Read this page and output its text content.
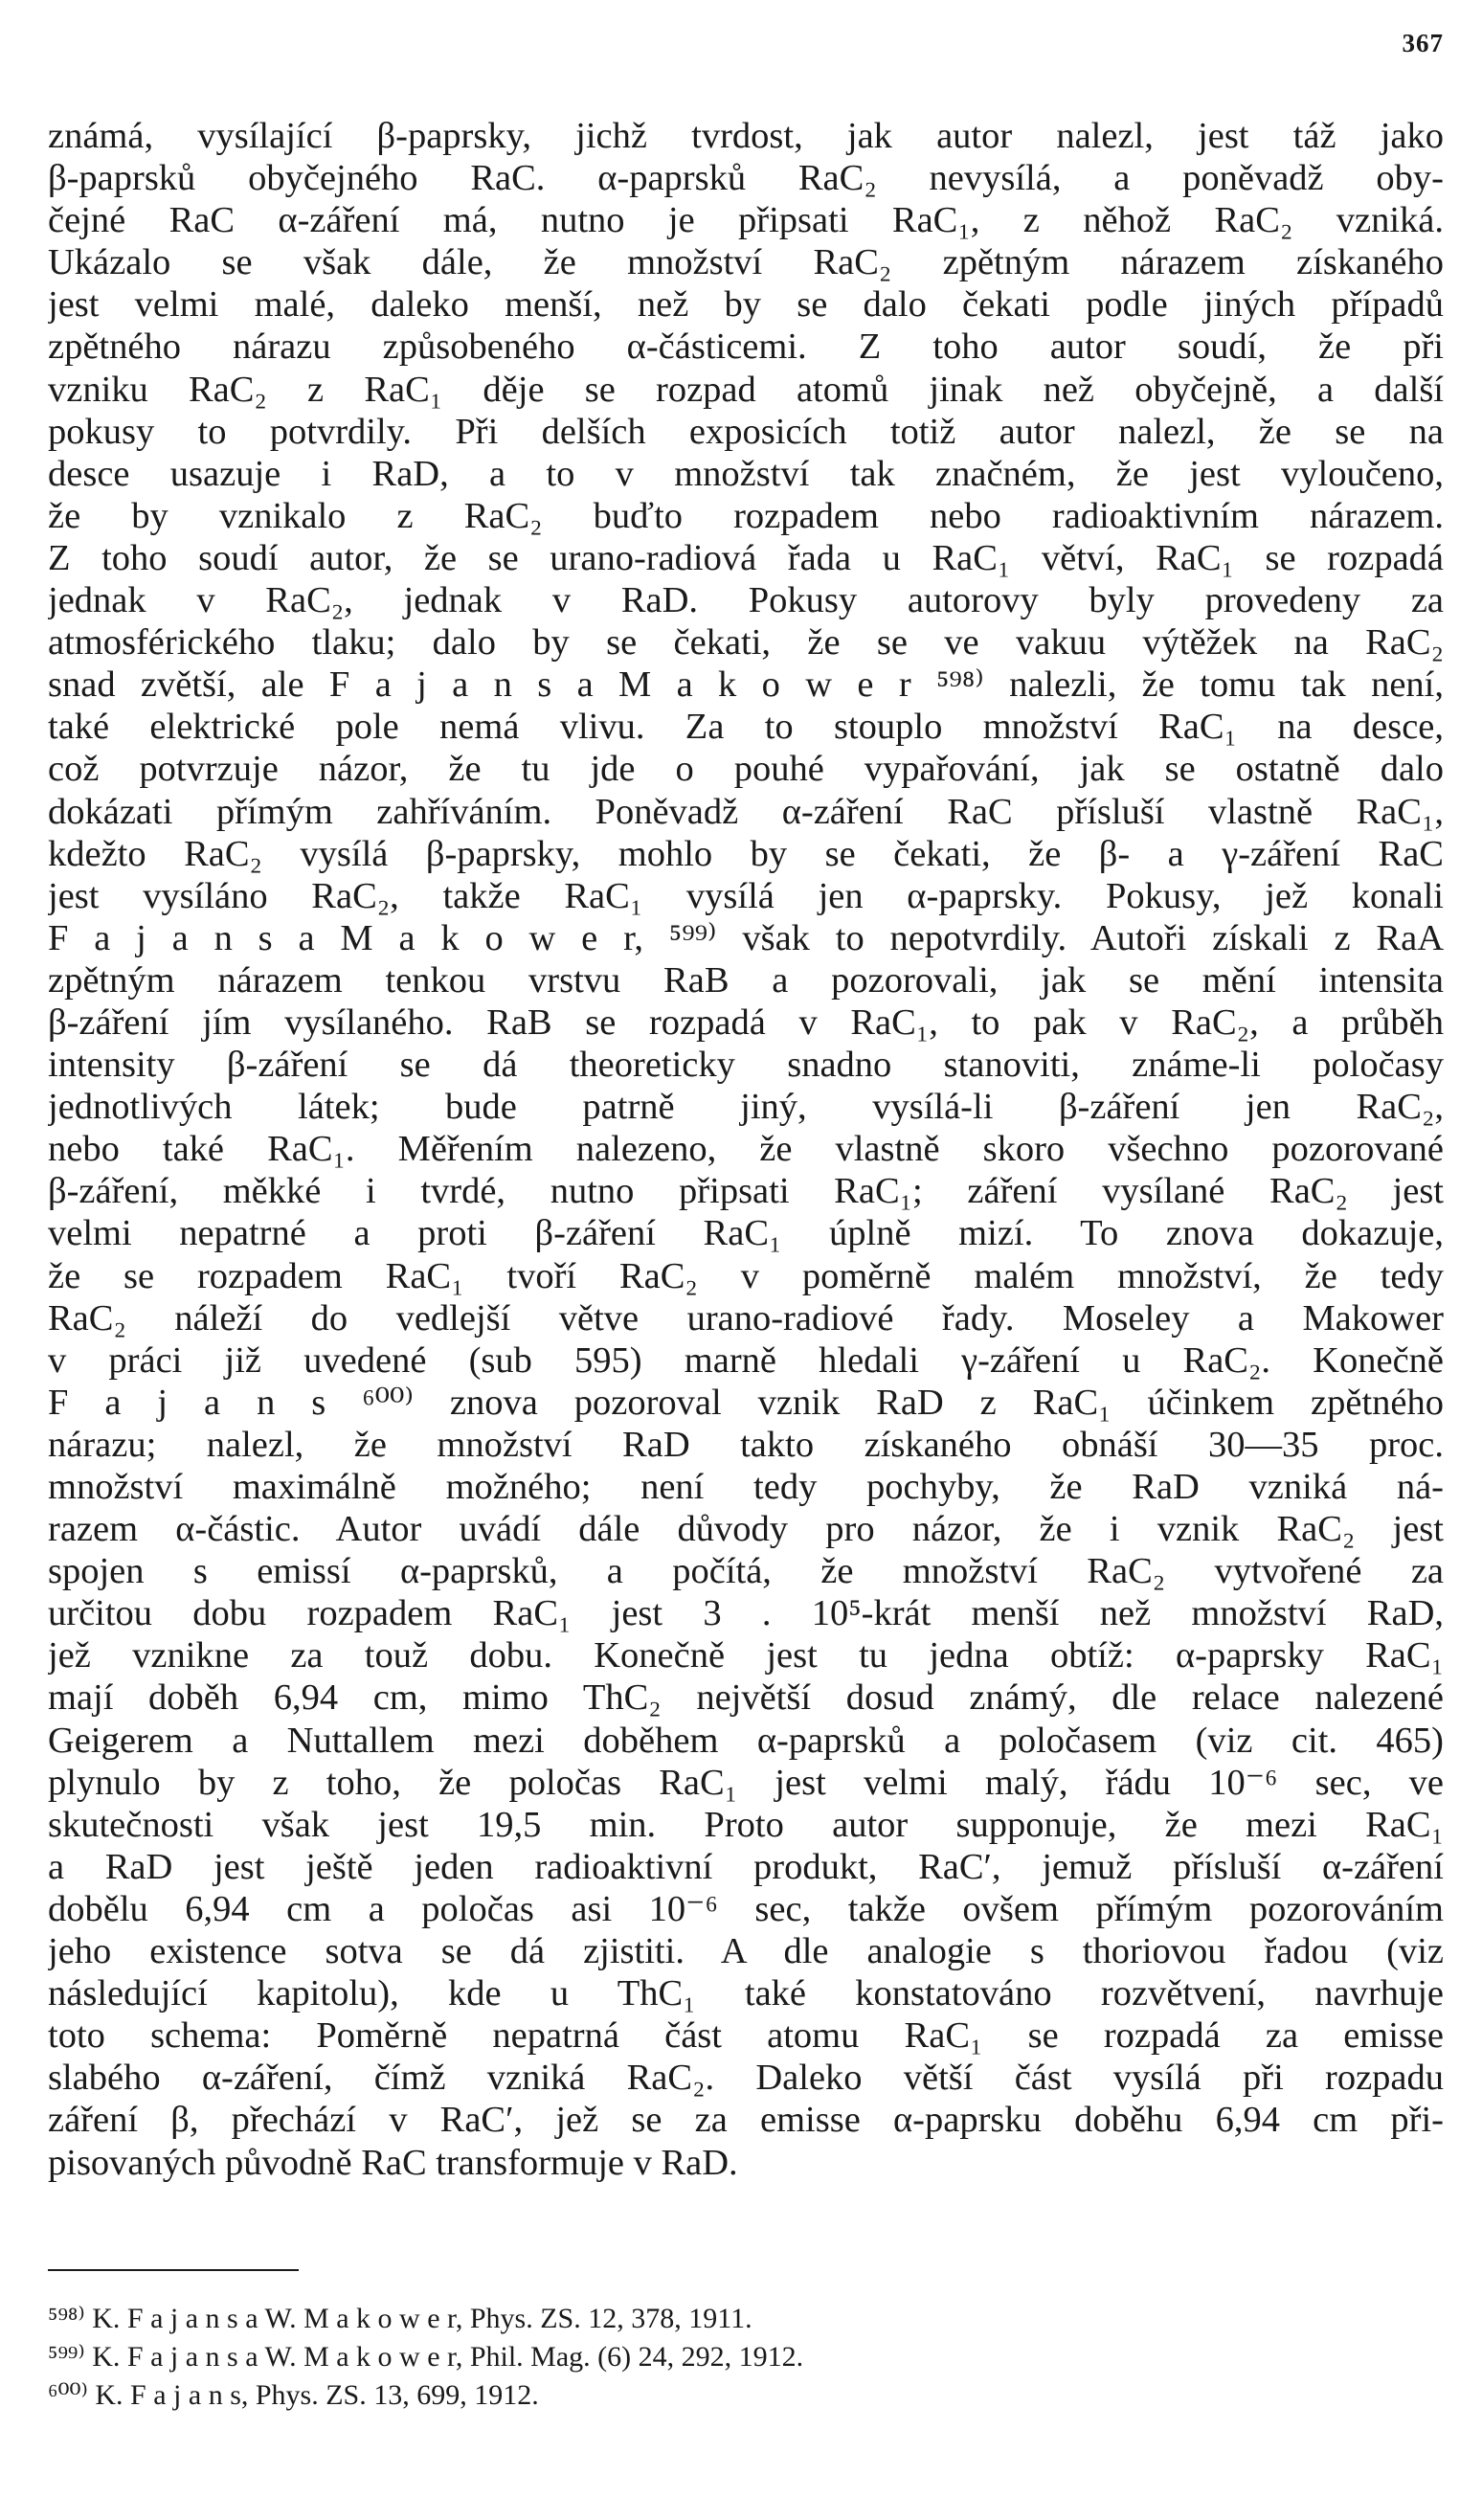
367
známá, vysílající β-paprsky, jichž tvrdost, jak autor nalezl, jest táž jako
β-paprsků obyčejného RaC. α-paprsků RaC₂ nevysílá, a poněvadž oby-
čejné RaC α-záření má, nutno je připsati RaC₁, z něhož RaC₂ vzniká.
Ukázalo se však dále, že množství RaC₂ zpětným nárazem získaného
jest velmi malé, daleko menší, než by se dalo čekati podle jiných případů
zpětného nárazu způsobeného α-částicemi. Z toho autor soudí, že při
vzniku RaC₂ z RaC₁ děje se rozpad atomů jinak než obyčejně, a další
pokusy to potvrdily. Při delších exposicích totiž autor nalezl, že se na
desce usazuje i RaD, a to v množství tak značném, že jest vyloučeno,
že by vznikalo z RaC₂ buďto rozpadem nebo radioaktivním nárazem.
Z toho soudí autor, že se urano-radiová řada u RaC₁ větví, RaC₁ se rozpadá
jednak v RaC₂, jednak v RaD. Pokusy autorovy byly provedeny za
atmosférického tlaku; dalo by se čekati, že se ve vakuu výtěžek na RaC₂
snad zvětší, ale F a j a n s a M a k o w e r ⁵⁹⁸⁾ nalezli, že tomu tak není,
také elektrické pole nemá vlivu. Za to stouplo množství RaC₁ na desce,
což potvrzuje názor, že tu jde o pouhé vypařování, jak se ostatně dalo
dokázati přímým zahříváním. Poněvadž α-záření RaC přísluší vlastně RaC₁,
kdežto RaC₂ vysílá β-paprsky, mohlo by se čekati, že β- a γ-záření RaC
jest vysíláno RaC₂, takže RaC₁ vysílá jen α-paprsky. Pokusy, jež konali
F a j a n s a M a k o w e r, ⁵⁹⁹⁾ však to nepotvrdily. Autoři získali z RaA
zpětným nárazem tenkou vrstvu RaB a pozorovali, jak se mění intensita
β-záření jím vysílaného. RaB se rozpadá v RaC₁, to pak v RaC₂, a průběh
intensity β-záření se dá theoreticky snadno stanoviti, známe-li poločasy
jednotlivých látek; bude patrně jiný, vysílá-li β-záření jen RaC₂,
nebo také RaC₁. Měřením nalezeno, že vlastně skoro všechno pozorované
β-záření, měkké i tvrdé, nutno připsati RaC₁; záření vysílané RaC₂ jest
velmi nepatrné a proti β-záření RaC₁ úplně mizí. To znova dokazuje,
že se rozpadem RaC₁ tvoří RaC₂ v poměrně malém množství, že tedy
RaC₂ náleží do vedlejší větve urano-radiové řady. Moseley a Makower
v práci již uvedené (sub 595) marně hledali γ-záření u RaC₂. Konečně
F a j a n s ⁶⁰⁰⁾ znova pozoroval vznik RaD z RaC₁ účinkem zpětného
nárazu; nalezl, že množství RaD takto získaného obnáší 30—35 proc.
množství maximálně možného; není tedy pochyby, že RaD vzniká ná-
razem α-částic. Autor uvádí dále důvody pro názor, že i vznik RaC₂ jest
spojen s emissí α-paprsků, a počítá, že množství RaC₂ vytvořené za
určitou dobu rozpadem RaC₁ jest 3 . 10⁵-krát menší než množství RaD,
jež vznikne za touž dobu. Konečně jest tu jedna obtíž: α-paprsky RaC₁
mají doběh 6,94 cm, mimo ThC₂ největší dosud známý, dle relace nalezené
Geigerem a Nuttallem mezi doběhem α-paprsků a poločasem (viz cit. 465)
plynulo by z toho, že poločas RaC₁ jest velmi malý, řádu 10⁻⁶ sec, ve
skutečnosti však jest 19,5 min. Proto autor supponuje, že mezi RaC₁
a RaD jest ještě jeden radioaktivní produkt, RaC′, jemuž přísluší α-záření
dobělu 6,94 cm a poločas asi 10⁻⁶ sec, takže ovšem přímým pozorováním
jeho existence sotva se dá zjistiti. A dle analogie s thoriovou řadou (viz
následující kapitolu), kde u ThC₁ také konstatováno rozvětvení, navrhuje
toto schema: Poměrně nepatrná část atomu RaC₁ se rozpadá za emisse
slabého α-záření, čímž vzniká RaC₂. Daleko větší část vysílá při rozpadu
záření β, přechází v RaC′, jež se za emisse α-paprsku doběhu 6,94 cm při-
pisovaných původně RaC transformuje v RaD.
⁵⁹⁸⁾ K. F a j a n s a W. M a k o w e r, Phys. ZS. 12, 378, 1911.
⁵⁹⁹⁾ K. F a j a n s a W. M a k o w e r, Phil. Mag. (6) 24, 292, 1912.
⁶⁰⁰⁾ K. F a j a n s, Phys. ZS. 13, 699, 1912.
